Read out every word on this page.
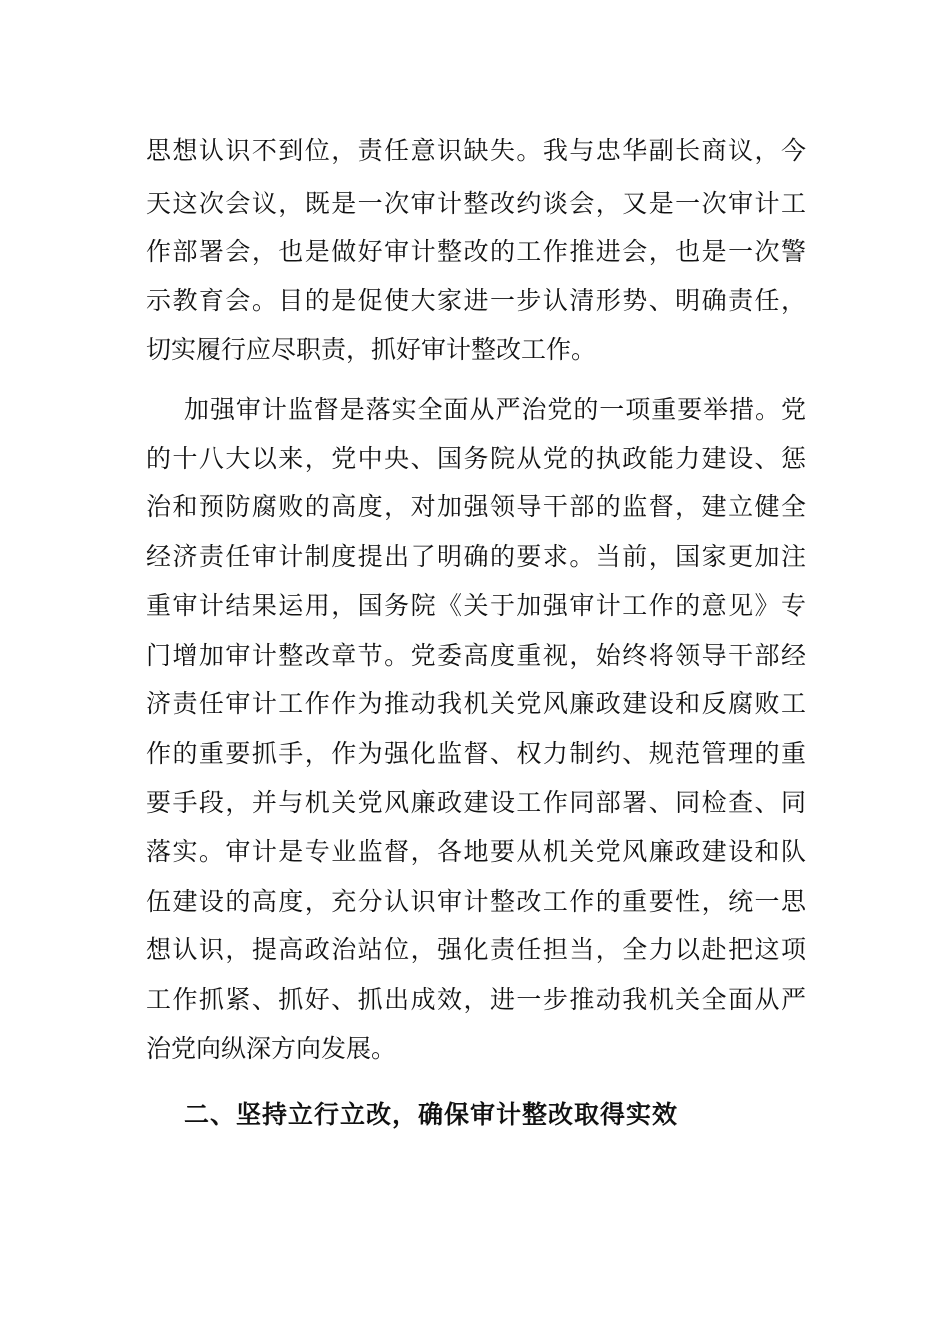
思想认识不到位，责任意识缺失。我与忠华副长商议，今
天这次会议，既是一次审计整改约谈会，又是一次审计工
作部署会，也是做好审计整改的工作推进会，也是一次警
示教育会。目的是促使大家进一步认清形势、明确责任，
切实履行应尽职责，抓好审计整改工作。
加强审计监督是落实全面从严治党的一项重要举措。党
的十八大以来，党中央、国务院从党的执政能力建设、惩
治和预防腐败的高度，对加强领导干部的监督，建立健全
经济责任审计制度提出了明确的要求。当前，国家更加注
重审计结果运用，国务院《关于加强审计工作的意见》专
门增加审计整改章节。党委高度重视，始终将领导干部经
济责任审计工作作为推动我机关党风廉政建设和反腐败工
作的重要抓手，作为强化监督、权力制约、规范管理的重
要手段，并与机关党风廉政建设工作同部署、同检查、同
落实。审计是专业监督，各地要从机关党风廉政建设和队
伍建设的高度，充分认识审计整改工作的重要性，统一思
想认识，提高政治站位，强化责任担当，全力以赴把这项
工作抓紧、抓好、抓出成效，进一步推动我机关全面从严
治党向纵深方向发展。
二、坚持立行立改，确保审计整改取得实效
